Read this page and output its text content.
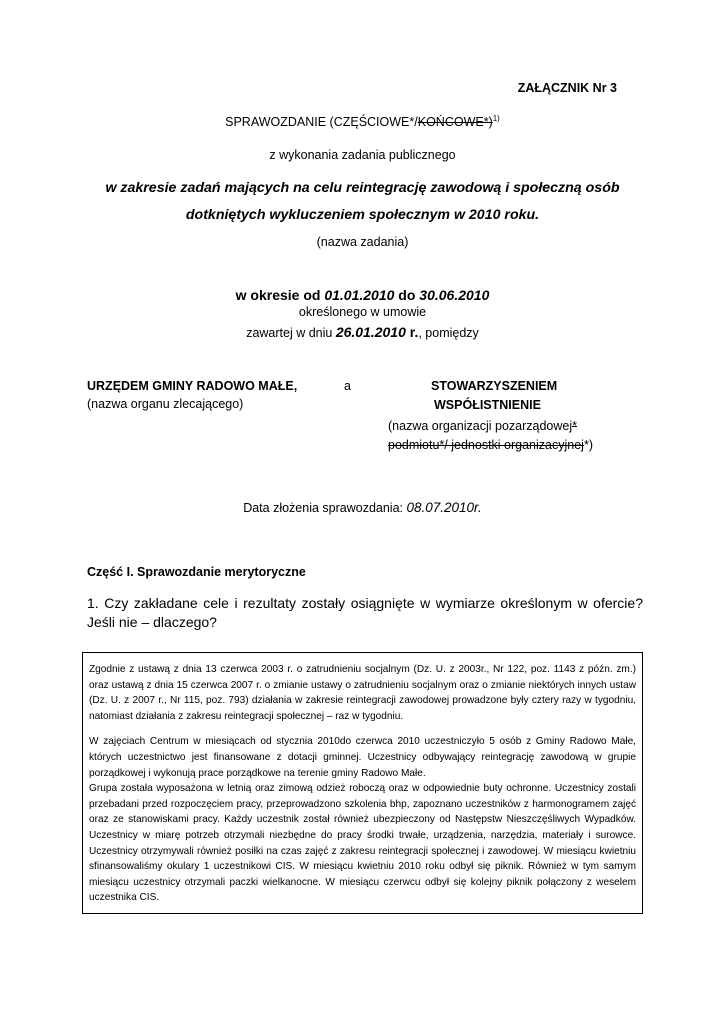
ZAŁĄCZNIK Nr 3
SPRAWOZDANIE (CZĘŚCIOWE*/KOŃCOWE*)$^{1)}$
z wykonania zadania publicznego
w zakresie zadań mających na celu reintegrację zawodową i społeczną osób
dotkniętych wykluczeniem społecznym w 2010 roku.
(nazwa zadania)
w okresie od 01.01.2010 do 30.06.2010
określonego w umowie
zawartej w dniu 26.01.2010 r., pomiędzy
URZĘDEM GMINY RADOWO MAŁE,
(nazwa organu zlecającego)
a	STOWARZYSZENIEM
WSPÓŁISTNIENIE
(nazwa organizacji pozarządowej*
podmiotu*/ jednostki organizacyjnej*)
Data złożenia sprawozdania: 08.07.2010r.
Część I. Sprawozdanie merytoryczne
1. Czy zakładane cele i rezultaty zostały osiągnięte w wymiarze określonym w ofercie? Jeśli nie – dlaczego?

Zgodnie z ustawą z dnia 13 czerwca 2003 r. o zatrudnieniu socjalnym (Dz. U. z 2003r., Nr 122, poz. 1143 z późn. zm.) oraz ustawą z dnia 15 czerwca 2007 r. o zmianie ustawy o zatrudnieniu socjalnym oraz o zmianie niektórych innych ustaw (Dz. U. z 2007 r., Nr 115, poz. 793) działania w zakresie reintegracji zawodowej prowadzone były cztery razy w tygodniu, natomiast działania z zakresu reintegracji społecznej – raz w tygodniu.

W zajęciach Centrum w miesiącach od stycznia 2010do czerwca 2010 uczestniczyło 5 osób z Gminy Radowo Małe, których uczestnictwo jest finansowane z dotacji gminnej. Uczestnicy odbywający reintegrację zawodową w grupie porządkowej i wykonują prace porządkowe na terenie gminy Radowo Małe.

Grupa została wyposażona w letnią oraz zimową odzież roboczą oraz w odpowiednie buty ochronne. Uczestnicy zostali przebadani przed rozpoczęciem pracy, przeprowadzono szkolenia bhp, zapoznano uczestników z harmonogramem zajęć oraz ze stanowiskami pracy. Każdy uczestnik został również ubezpieczony od Następstw Nieszczęśliwych Wypadków. Uczestnicy w miarę potrzeb otrzymali niezbędne do pracy środki trwałe, urządzenia, narzędzia, materiały i surowce. Uczestnicy otrzymywali również posiłki na czas zajęć z zakresu reintegracji społecznej i zawodowej. W miesiącu kwietniu sfinansowaliśmy okulary 1 uczestnikowi CIS. W miesiącu kwietniu 2010 roku odbył się piknik. Również w tym samym miesiącu uczestnicy otrzymali paczki wielkanocne. W miesiącu czerwcu odbył się kolejny piknik połączony z weselem uczestnika CIS.
